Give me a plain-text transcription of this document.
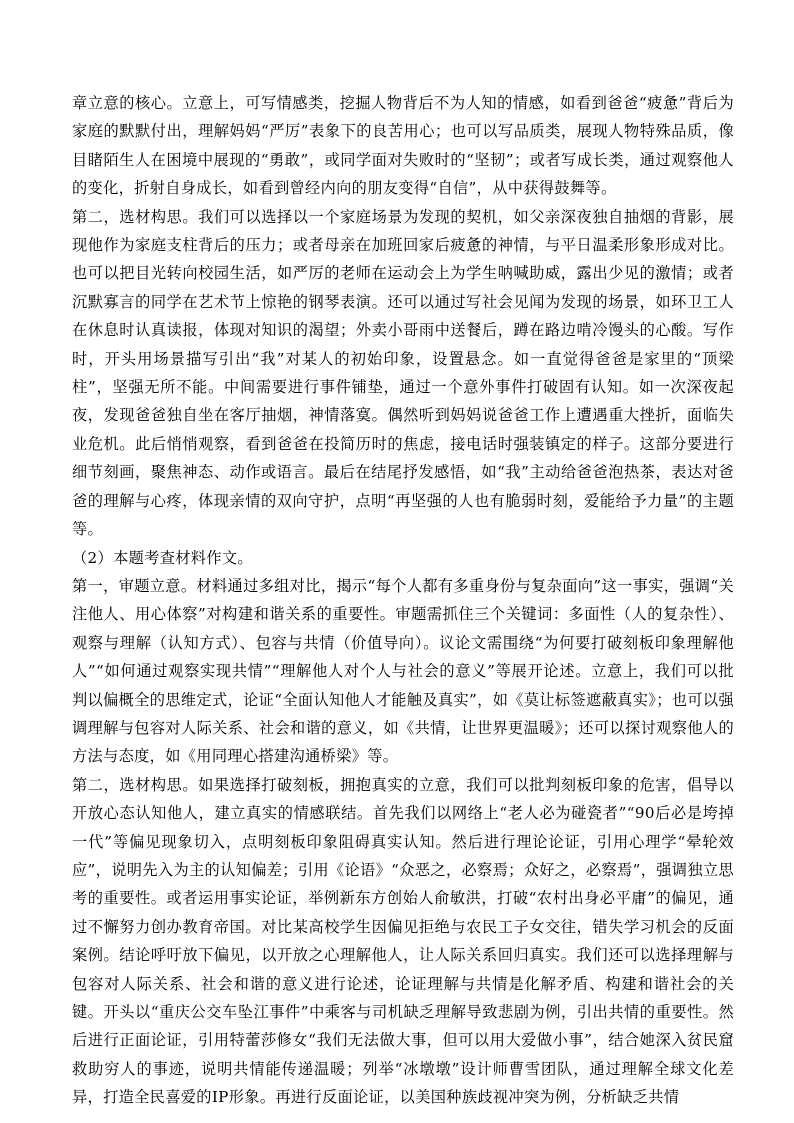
章立意的核心。立意上，可写情感类，挖掘人物背后不为人知的情感，如看到爸爸“疲惫”背后为家庭的默默付出，理解妈妈“严厉”表象下的良苦用心；也可以写品质类，展现人物特殊品质，像目睹陌生人在困境中展现的“勇敢”，或同学面对失败时的“坚韧”；或者写成长类，通过观察他人的变化，折射自身成长，如看到曾经内向的朋友变得“自信”，从中获得鼓舞等。

第二，选材构思。我们可以选择以一个家庭场景为发现的契机，如父亲深夜独自抽烟的背影，展现他作为家庭支柱背后的压力；或者母亲在加班回家后疲惫的神情，与平日温柔形象形成对比。也可以把目光转向校园生活，如严厉的老师在运动会上为学生呐喊助威，露出少见的激情；或者沉默寡言的同学在艺术节上惊艳的钢琴表演。还可以通过写社会见闻为发现的场景，如环卫工人在休息时认真读报，体现对知识的渴望；外卖小哥雨中送餐后，蹲在路边啃冷馒头的心酸。写作时，开头用场景描写引出“我”对某人的初始印象，设置悬念。如一直觉得爸爸是家里的“顶梁柱”，坚强无所不能。中间需要进行事件铺垫，通过一个意外事件打破固有认知。如一次深夜起夜，发现爸爸独自坐在客厅抽烟，神情落寞。偶然听到妈妈说爸爸工作上遭遇重大挫折，面临失业危机。此后悄悄观察，看到爸爸在投简历时的焦虑，接电话时强装镇定的样子。这部分要进行细节刻画，聚焦神态、动作或语言。最后在结尾抒发感悟，如“我”主动给爸爸泡热茶，表达对爸爸的理解与心疼，体现亲情的双向守护，点明“再坚强的人也有脆弱时刻，爱能给予力量”的主题等。

（2）本题考查材料作文。

第一，审题立意。材料通过多组对比，揭示“每个人都有多重身份与复杂面向”这一事实，强调“关注他人、用心体察”对构建和谐关系的重要性。审题需抓住三个关键词：多面性（人的复杂性）、观察与理解（认知方式）、包容与共情（价值导向）。议论文需围绕“为何要打破刻板印象理解他人”“如何通过观察实现共情”“理解他人对个人与社会的意义”等展开论述。立意上，我们可以批判以偏概全的思维定式，论证“全面认知他人才能触及真实”，如《莫让标签遮蔽真实》；也可以强调理解与包容对人际关系、社会和谐的意义，如《共情，让世界更温暖》；还可以探讨观察他人的方法与态度，如《用同理心搭建沟通桥梁》等。

第二，选材构思。如果选择打破刻板，拥抱真实的立意，我们可以批判刻板印象的危害，倡导以开放心态认知他人，建立真实的情感联结。首先我们以网络上“老人必为碰瓷者”“90后必是垮掉一代”等偏见现象切入，点明刻板印象阻碍真实认知。然后进行理论论证，引用心理学“晕轮效应”，说明先入为主的认知偏差；引用《论语》“众恶之，必察焉；众好之，必察焉”，强调独立思考的重要性。或者运用事实论证，举例新东方创始人俞敏洪，打破“农村出身必平庸”的偏见，通过不懈努力创办教育帝国。对比某高校学生因偏见拒绝与农民工子女交往，错失学习机会的反面案例。结论呼吁放下偏见，以开放之心理解他人，让人际关系回归真实。我们还可以选择理解与包容对人际关系、社会和谐的意义进行论述，论证理解与共情是化解矛盾、构建和谐社会的关键。开头以“重庆公交车坠江事件”中乘客与司机缺乏理解导致悲剧为例，引出共情的重要性。然后进行正面论证，引用特蕾莎修女“我们无法做大事，但可以用大爱做小事”，结合她深入贫民窟救助穷人的事迹，说明共情能传递温暖；列举“冰墩墩”设计师曹雪团队，通过理解全球文化差异，打造全民喜爱的IP形象。再进行反面论证，以美国种族歧视冲突为例，分析缺乏共情
